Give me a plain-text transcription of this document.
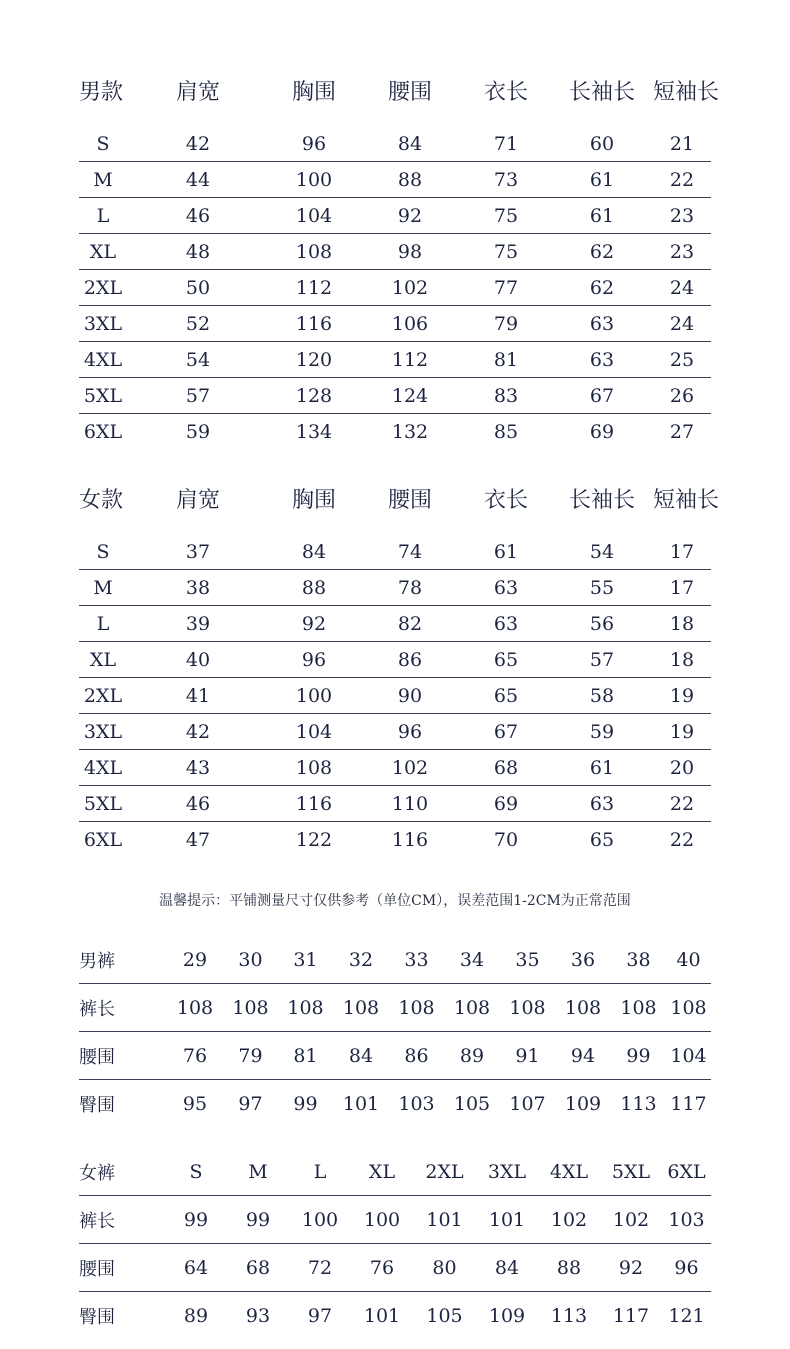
男款	肩宽	胸围	腰围	衣长	长袖长	短袖长

S	42	96	84	71	60	21
M	44	100	88	73	61	22
L	46	104	92	75	61	23
XL	48	108	98	75	62	23
2XL	50	112	102	77	62	24
3XL	52	116	106	79	63	24
4XL	54	120	112	81	63	25
5XL	57	128	124	83	67	26
6XL	59	134	132	85	69	27
女款	肩宽	胸围	腰围	衣长	长袖长	短袖长

S	37	84	74	61	54	17
M	38	88	78	63	55	17
L	39	92	82	63	56	18
XL	40	96	86	65	57	18
2XL	41	100	90	65	58	19
3XL	42	104	96	67	59	19
4XL	43	108	102	68	61	20
5XL	46	116	110	69	63	22
6XL	47	122	116	70	65	22
温馨提示：平铺测量尺寸仅供参考（单位CM），误差范围1-2CM为正常范围
男裤	29	30	31	32	33	34	35	36	38	40
裤长	108	108	108	108	108	108	108	108	108	108
腰围	76	79	81	84	86	89	91	94	99	104
臀围	95	97	99	101	103	105	107	109	113	117
女裤	S	M	L	XL	2XL	3XL	4XL	5XL	6XL
裤长	99	99	100	100	101	101	102	102	103
腰围	64	68	72	76	80	84	88	92	96
臀围	89	93	97	101	105	109	113	117	121
